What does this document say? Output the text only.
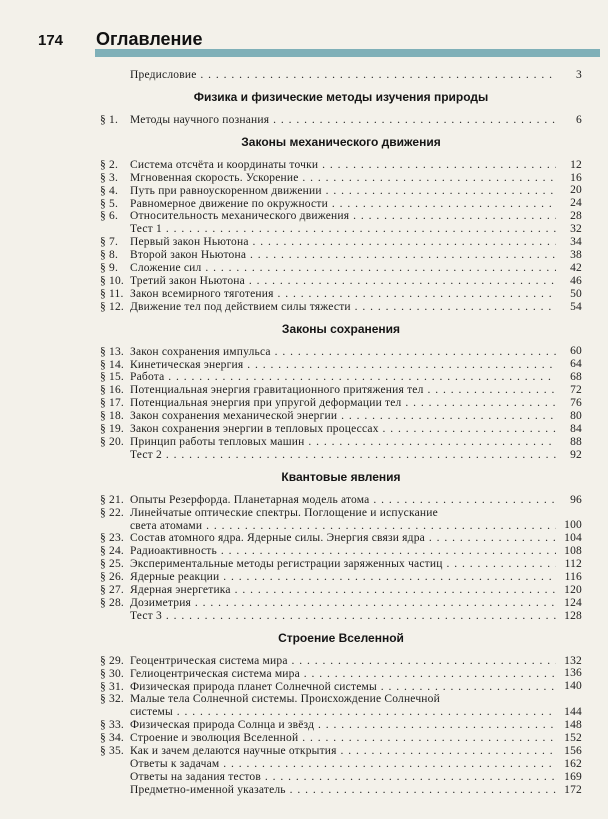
174 Оглавление
Предисловие . . .	3
Физика и физические методы изучения природы
§ 1.	Методы научного познания . . .	6
Законы механического движения
§ 2.	Система отсчёта и координаты точки . . .	12
§ 3.	Мгновенная скорость. Ускорение . . .	16
§ 4.	Путь при равноускоренном движении . . .	20
§ 5.	Равномерное движение по окружности . . .	24
§ 6.	Относительность механического движения . . .	28
Тест 1 . . .	32
§ 7.	Первый закон Ньютона . . .	34
§ 8.	Второй закон Ньютона . . .	38
§ 9.	Сложение сил . . .	42
§ 10. Третий закон Ньютона . . .	46
§ 11. Закон всемирного тяготения . . .	50
§ 12. Движение тел под действием силы тяжести . . .	54
Законы сохранения
§ 13. Закон сохранения импульса . . .	60
§ 14. Кинетическая энергия . . .	64
§ 15. Работа . . .	68
§ 16. Потенциальная энергия гравитационного притяжения тел . . .	72
§ 17. Потенциальная энергия при упругой деформации тел . . .	76
§ 18. Закон сохранения механической энергии . . .	80
§ 19. Закон сохранения энергии в тепловых процессах . . .	84
§ 20. Принцип работы тепловых машин . . .	88
Тест 2 . . .	92
Квантовые явления
§ 21. Опыты Резерфорда. Планетарная модель атома . . .	96
§ 22. Линейчатые оптические спектры. Поглощение и испускание
света атомами . . .	100
§ 23. Состав атомного ядра. Ядерные силы. Энергия связи ядра . . .	104
§ 24. Радиоактивность . . .	108
§ 25. Экспериментальные методы регистрации заряженных частиц . . .	112
§ 26. Ядерные реакции . . .	116
§ 27. Ядерная энергетика . . .	120
§ 28. Дозиметрия . . .	124
Тест 3 . . .	128
Строение Вселенной
§ 29. Геоцентрическая система мира . . .	132
§ 30. Гелиоцентрическая система мира . . .	136
§ 31. Физическая природа планет Солнечной системы . . .	140
§ 32. Малые тела Солнечной системы. Происхождение Солнечной
системы . . .	144
§ 33. Физическая природа Солнца и звёзд . . .	148
§ 34. Строение и эволюция Вселенной . . .	152
§ 35. Как и зачем делаются научные открытия . . .	156
Ответы к задачам . . .	162
Ответы на задания тестов . . .	169
Предметно-именной указатель . . .	172
